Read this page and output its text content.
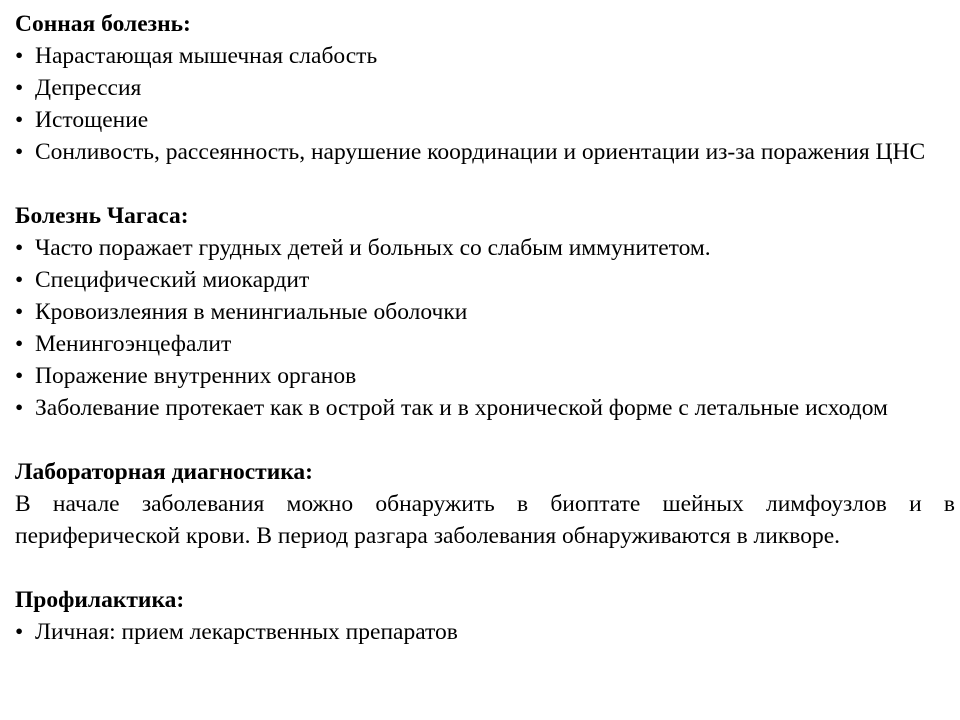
Сонная болезнь:

• Нарастающая мышечная слабость

• Депрессия

• Истощение

• Сонливость, рассеянность, нарушение координации и ориентации из-за поражения ЦНС

Болезнь Чагаса:

• Часто поражает грудных детей и больных со слабым иммунитетом.

• Специфический миокардит

• Кровоизлеяния в менингиальные оболочки

• Менингоэнцефалит

• Поражение внутренних органов

• Заболевание протекает как в острой так и в хронической форме с летальные исходом

Лабораторная диагностика:

В начале заболевания можно обнаружить в биоптате шейных лимфоузлов и в периферической крови. В период разгара заболевания обнаруживаются в ликворе.

Профилактика:

• Личная: прием лекарственных препаратов
